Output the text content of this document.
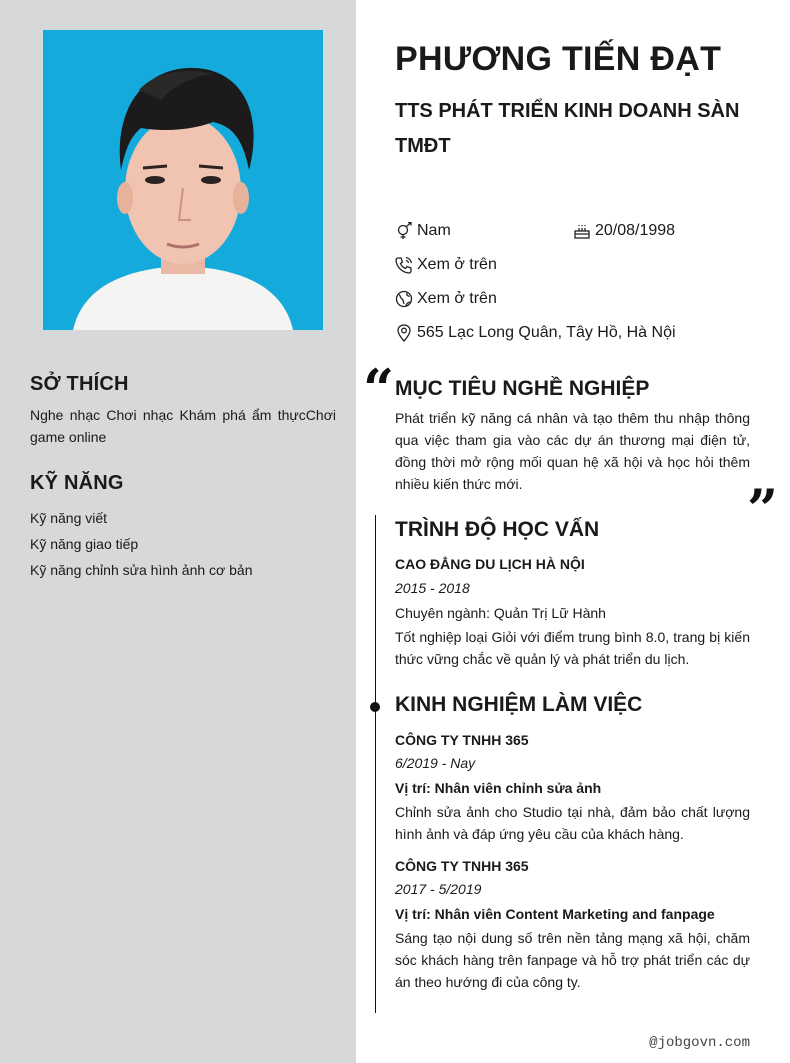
SỞ THÍCH
Nghe nhạc Chơi nhạc Khám phá ẩm thựcChơi game online
KỸ NĂNG
Kỹ năng viết
Kỹ năng giao tiếp
Kỹ năng chỉnh sửa hình ảnh cơ bản
PHƯƠNG TIẾN ĐẠT
TTS PHÁT TRIỂN KINH DOANH SÀN TMĐT
Nam	20/08/1998
Xem ở trên
Xem ở trên
565 Lạc Long Quân, Tây Hồ, Hà Nội
“ MỤC TIÊU NGHỀ NGHIỆP
Phát triển kỹ năng cá nhân và tạo thêm thu nhập thông qua việc tham gia vào các dự án thương mại điện tử, đồng thời mở rộng mối quan hệ xã hội và học hỏi thêm nhiều kiến thức mới.	”
TRÌNH ĐỘ HỌC VẤN
CAO ĐẲNG DU LỊCH HÀ NỘI
2015 - 2018
Chuyên ngành: Quản Trị Lữ Hành
Tốt nghiệp loại Giỏi với điểm trung bình 8.0, trang bị kiến thức vững chắc về quản lý và phát triển du lịch.
KINH NGHIỆM LÀM VIỆC
CÔNG TY TNHH 365
6/2019 - Nay
Vị trí: Nhân viên chỉnh sửa ảnh
Chỉnh sửa ảnh cho Studio tại nhà, đảm bảo chất lượng hình ảnh và đáp ứng yêu cầu của khách hàng.
CÔNG TY TNHH 365
2017 - 5/2019
Vị trí: Nhân viên Content Marketing and fanpage
Sáng tạo nội dung số trên nền tảng mạng xã hội, chăm sóc khách hàng trên fanpage và hỗ trợ phát triển các dự án theo hướng đi của công ty.
@jobgovn.com
